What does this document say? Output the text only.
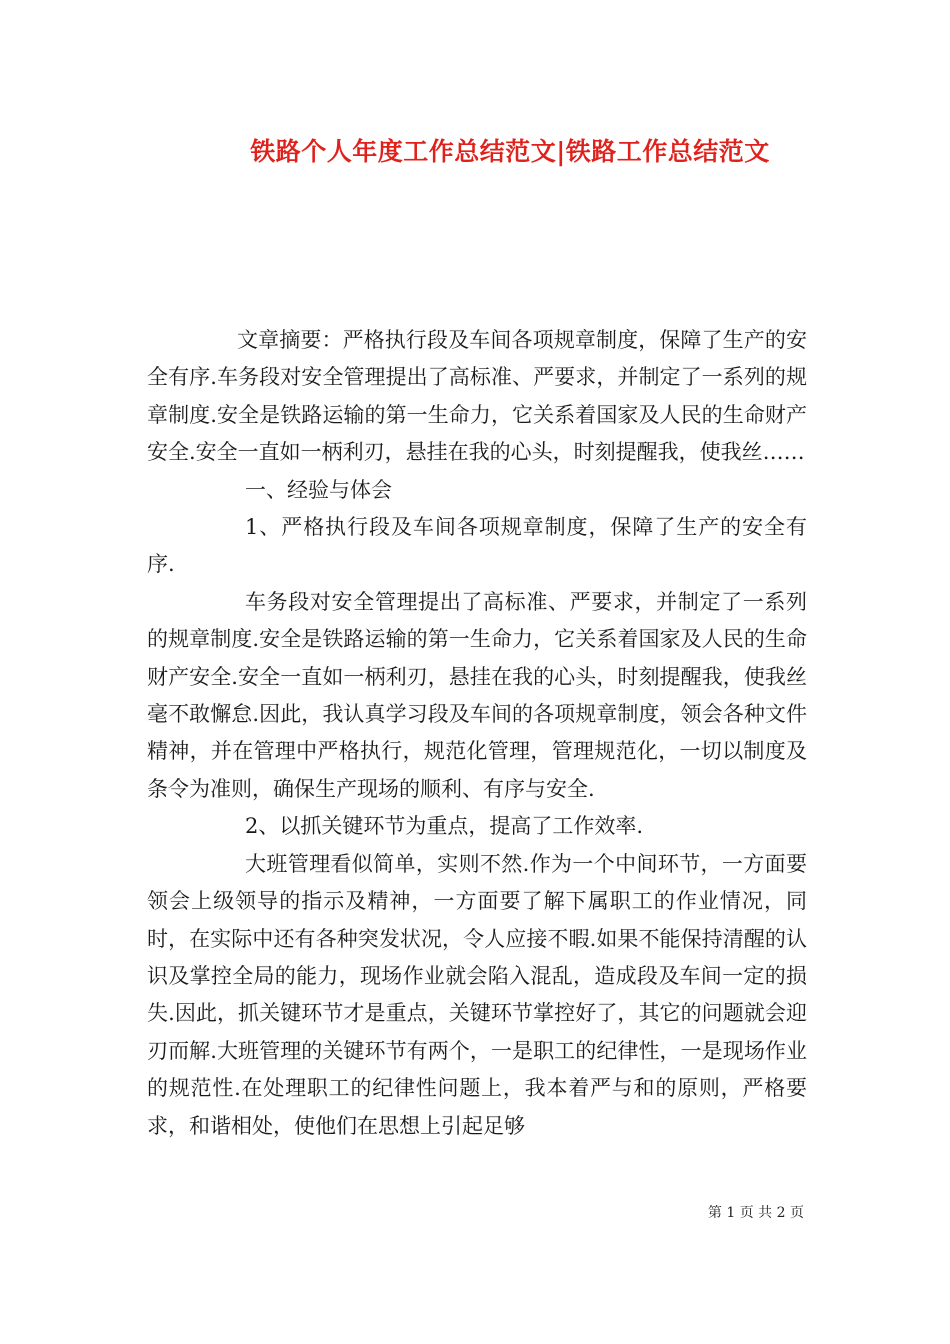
铁路个人年度工作总结范文|铁路工作总结范文

文章摘要：严格执行段及车间各项规章制度，保障了生产的安全有序.车务段对安全管理提出了高标准、严要求，并制定了一系列的规章制度.安全是铁路运输的第一生命力，它关系着国家及人民的生命财产安全.安全一直如一柄利刃，悬挂在我的心头，时刻提醒我，使我丝……

一、经验与体会

1、严格执行段及车间各项规章制度，保障了生产的安全有序.

车务段对安全管理提出了高标准、严要求，并制定了一系列的规章制度.安全是铁路运输的第一生命力，它关系着国家及人民的生命财产安全.安全一直如一柄利刃，悬挂在我的心头，时刻提醒我，使我丝毫不敢懈怠.因此，我认真学习段及车间的各项规章制度，领会各种文件精神，并在管理中严格执行，规范化管理，管理规范化，一切以制度及条令为准则，确保生产现场的顺利、有序与安全.

2、以抓关键环节为重点，提高了工作效率.

大班管理看似简单，实则不然.作为一个中间环节，一方面要领会上级领导的指示及精神，一方面要了解下属职工的作业情况，同时，在实际中还有各种突发状况，令人应接不暇.如果不能保持清醒的认识及掌控全局的能力，现场作业就会陷入混乱，造成段及车间一定的损失.因此，抓关键环节才是重点，关键环节掌控好了，其它的问题就会迎刃而解.大班管理的关键环节有两个，一是职工的纪律性，一是现场作业的规范性.在处理职工的纪律性问题上，我本着严与和的原则，严格要求，和谐相处，使他们在思想上引起足够

第 1 页 共 2 页
